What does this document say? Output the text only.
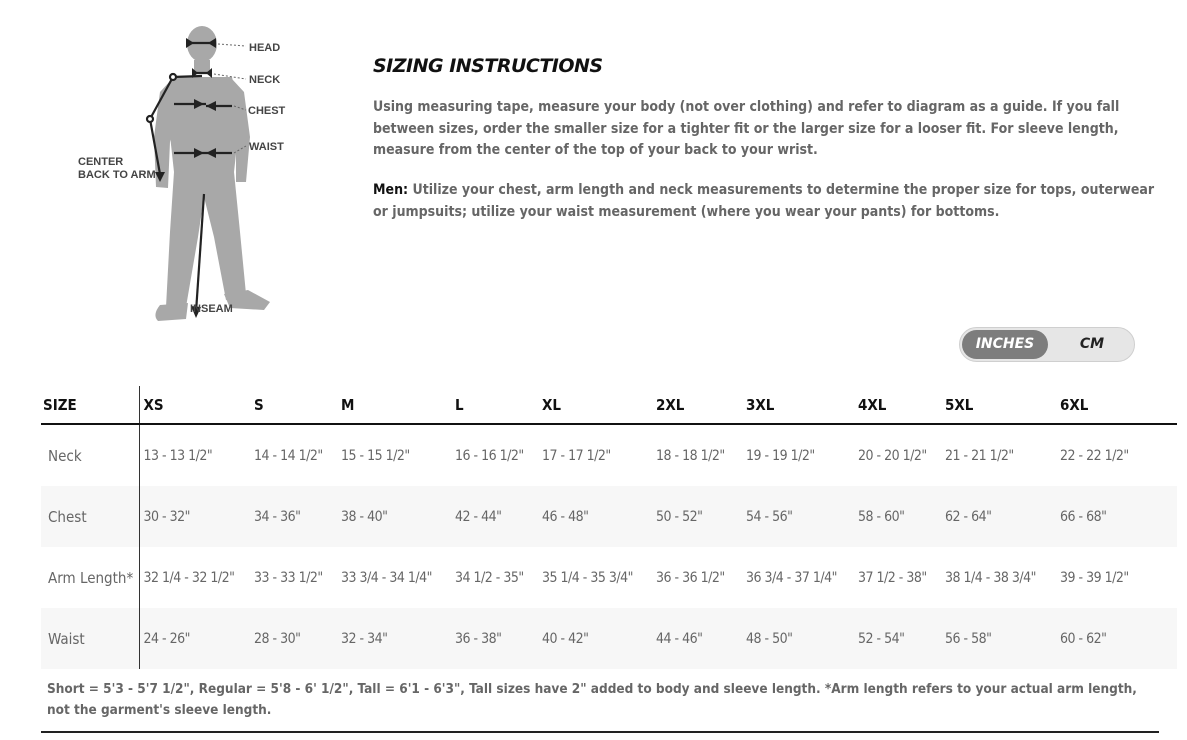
HEAD
NECK
CHEST
WAIST
CENTER
BACK TO ARM
INSEAM
SIZING INSTRUCTIONS

Using measuring tape, measure your body (not over clothing) and refer to diagram as a guide. If you fall between sizes, order the smaller size for a tighter fit or the larger size for a looser fit. For sleeve length, measure from the center of the top of your back to your wrist.

Men: Utilize your chest, arm length and neck measurements to determine the proper size for tops, outerwear or jumpsuits; utilize your waist measurement (where you wear your pants) for bottoms.

INCHES	CM
SIZE	XS	S	M	L	XL	2XL	3XL	4XL	5XL	6XL
Neck	13 - 13 1/2"	14 - 14 1/2"	15 - 15 1/2"	16 - 16 1/2"	17 - 17 1/2"	18 - 18 1/2"	19 - 19 1/2"	20 - 20 1/2"	21 - 21 1/2"	22 - 22 1/2"
Chest	30 - 32"	34 - 36"	38 - 40"	42 - 44"	46 - 48"	50 - 52"	54 - 56"	58 - 60"	62 - 64"	66 - 68"
Arm Length*	32 1/4 - 32 1/2"	33 - 33 1/2"	33 3/4 - 34 1/4"	34 1/2 - 35"	35 1/4 - 35 3/4"	36 - 36 1/2"	36 3/4 - 37 1/4"	37 1/2 - 38"	38 1/4 - 38 3/4"	39 - 39 1/2"
Waist	24 - 26"	28 - 30"	32 - 34"	36 - 38"	40 - 42"	44 - 46"	48 - 50"	52 - 54"	56 - 58"	60 - 62"

Short = 5'3 - 5'7 1/2", Regular = 5'8 - 6' 1/2", Tall = 6'1 - 6'3", Tall sizes have 2" added to body and sleeve length. *Arm length refers to your actual arm length, not the garment's sleeve length.
